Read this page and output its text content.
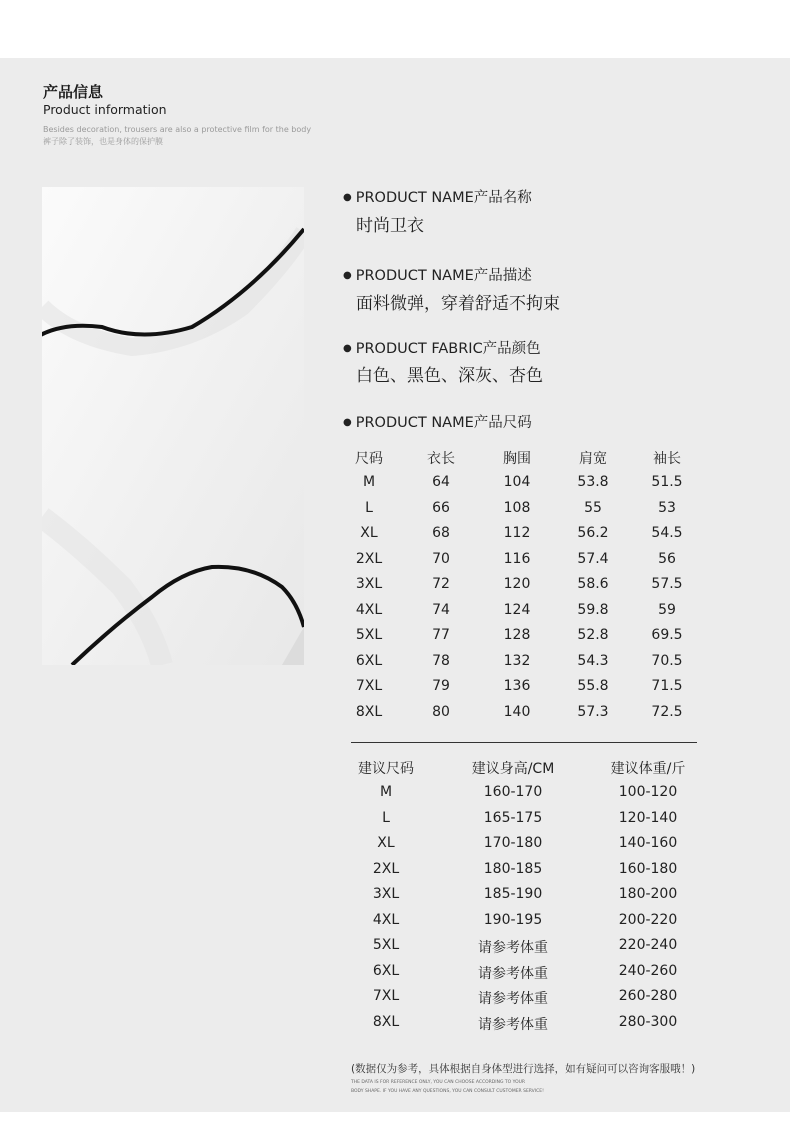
产品信息
Product information
Besides decoration, trousers are also a protective film for the body
裤子除了装饰，也是身体的保护膜
● PRODUCT NAME产品名称
时尚卫衣
● PRODUCT NAME产品描述
面料微弹，穿着舒适不拘束
● PRODUCT FABRIC产品颜色
白色、黑色、深灰、杏色
● PRODUCT NAME产品尺码
尺码	衣长	胸围	肩宽	袖长
M	64	104	53.8	51.5
L	66	108	55	53
XL	68	112	56.2	54.5
2XL	70	116	57.4	56
3XL	72	120	58.6	57.5
4XL	74	124	59.8	59
5XL	77	128	52.8	69.5
6XL	78	132	54.3	70.5
7XL	79	136	55.8	71.5
8XL	80	140	57.3	72.5
建议尺码	建议身高/CM	建议体重/斤
M	160-170	100-120
L	165-175	120-140
XL	170-180	140-160
2XL	180-185	160-180
3XL	185-190	180-200
4XL	190-195	200-220
5XL	请参考体重	220-240
6XL	请参考体重	240-260
7XL	请参考体重	260-280
8XL	请参考体重	280-300
(数据仅为参考，具体根据自身体型进行选择，如有疑问可以咨询客服哦！)
THE DATA IS FOR REFERENCE ONLY, YOU CAN CHOOSE ACCORDING TO YOUR
BODY SHAPE. IF YOU HAVE ANY QUESTIONS, YOU CAN CONSULT CUSTOMER SERVICE!
